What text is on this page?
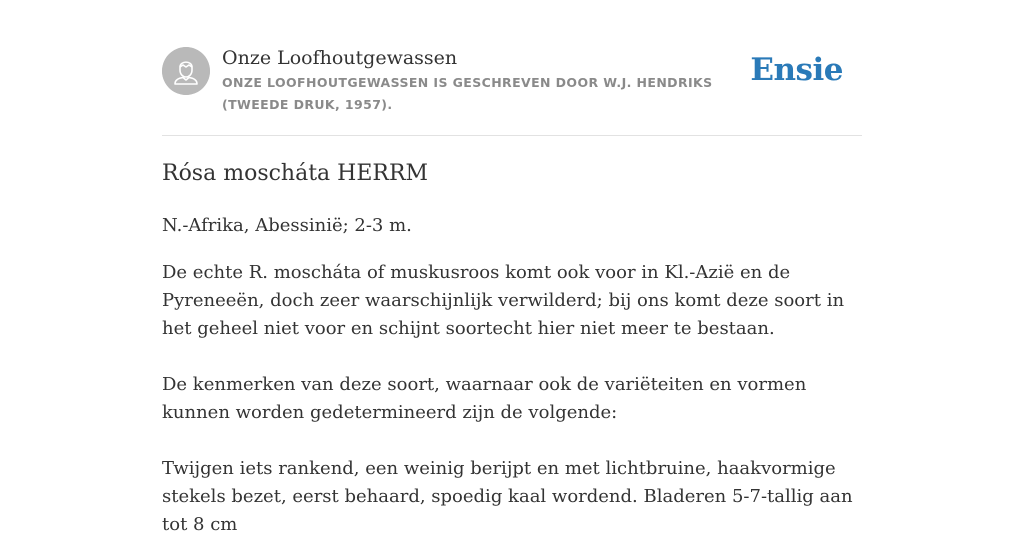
Onze Loofhoutgewassen
ONZE LOOFHOUTGEWASSEN IS GESCHREVEN DOOR W.J. HENDRIKS (TWEEDE DRUK, 1957).
Ensie
Rósa moscháta HERRM

N.-Afrika, Abessinië; 2-3 m.

De echte R. moscháta of muskusroos komt ook voor in Kl.-Azië en de Pyreneeën, doch zeer waarschijnlijk verwilderd; bij ons komt deze soort in het geheel niet voor en schijnt soortecht hier niet meer te bestaan.

De kenmerken van deze soort, waarnaar ook de variëteiten en vormen kunnen worden gedetermineerd zijn de volgende:

Twijgen iets rankend, een weinig berijpt en met lichtbruine, haakvormige stekels bezet, eerst behaard, spoedig kaal wordend. Bladeren 5-7-tallig aan tot 8 cm
